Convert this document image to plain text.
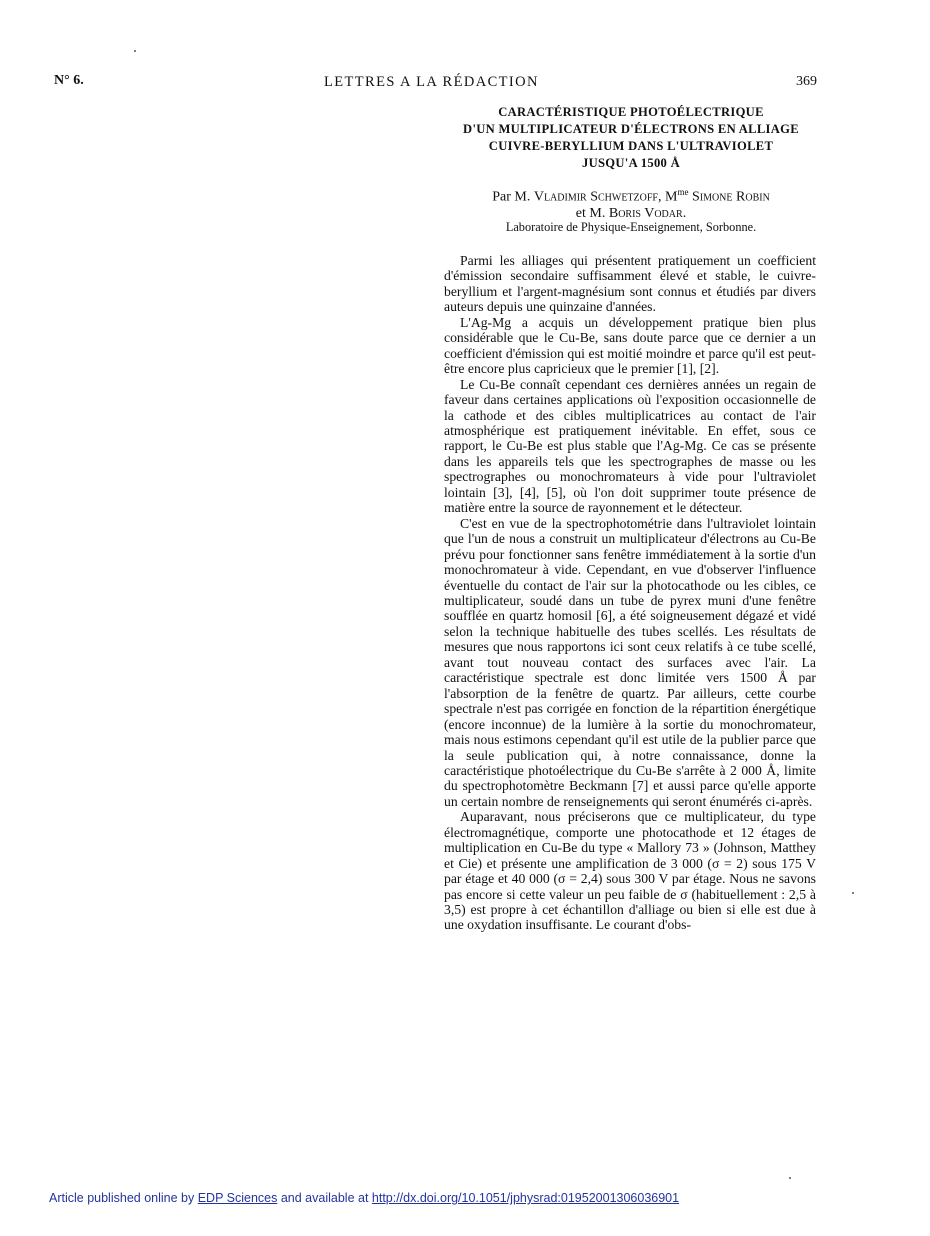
N° 6.	LETTRES A LA RÉDACTION	369
CARACTÉRISTIQUE PHOTOÉLECTRIQUE
D'UN MULTIPLICATEUR D'ÉLECTRONS EN ALLIAGE
CUIVRE-BERYLLIUM DANS L'ULTRAVIOLET
JUSQU'A 1500 Å
Par M. Vladimir Schwetzoff, $M^{me}$ Simone Robin
et M. Boris Vodar.
Laboratoire de Physique-Enseignement, Sorbonne.

Parmi les alliages qui présentent pratiquement un coefficient d'émission secondaire suffisamment élevé et stable, le cuivre-beryllium et l'argent-magnésium sont connus et étudiés par divers auteurs depuis une quinzaine d'années.

L'Ag-Mg a acquis un développement pratique bien plus considérable que le Cu-Be, sans doute parce que ce dernier a un coefficient d'émission qui est moitié moindre et parce qu'il est peut-être encore plus capricieux que le premier [1], [2].

Le Cu-Be connaît cependant ces dernières années un regain de faveur dans certaines applications où l'exposition occasionnelle de la cathode et des cibles multiplicatrices au contact de l'air atmosphérique est pratiquement inévitable. En effet, sous ce rapport, le Cu-Be est plus stable que l'Ag-Mg. Ce cas se présente dans les appareils tels que les spectrographes de masse ou les spectrographes ou monochromateurs à vide pour l'ultraviolet lointain [3], [4], [5], où l'on doit supprimer toute présence de matière entre la source de rayonnement et le détecteur.

C'est en vue de la spectrophotométrie dans l'ultraviolet lointain que l'un de nous a construit un multiplicateur d'électrons au Cu-Be prévu pour fonctionner sans fenêtre immédiatement à la sortie d'un monochromateur à vide. Cependant, en vue d'observer l'influence éventuelle du contact de l'air sur la photocathode ou les cibles, ce multiplicateur, soudé dans un tube de pyrex muni d'une fenêtre soufflée en quartz homosil [6], a été soigneusement dégazé et vidé selon la technique habituelle des tubes scellés. Les résultats de mesures que nous rapportons ici sont ceux relatifs à ce tube scellé, avant tout nouveau contact des surfaces avec l'air. La caractéristique spectrale est donc limitée vers 1500 Å par l'absorption de la fenêtre de quartz. Par ailleurs, cette courbe spectrale n'est pas corrigée en fonction de la répartition énergétique (encore inconnue) de la lumière à la sortie du monochromateur, mais nous estimons cependant qu'il est utile de la publier parce que la seule publication qui, à notre connaissance, donne la caractéristique photoélectrique du Cu-Be s'arrête à 2 000 Å, limite du spectrophotomètre Beckmann [7] et aussi parce qu'elle apporte un certain nombre de renseignements qui seront énumérés ci-après.

Auparavant, nous préciserons que ce multiplicateur, du type électromagnétique, comporte une photocathode et 12 étages de multiplication en Cu-Be du type « Mallory 73 » (Johnson, Matthey et Cie) et présente une amplification de 3 000 (σ = 2) sous 175 V par étage et 40 000 (σ = 2,4) sous 300 V par étage. Nous ne savons pas encore si cette valeur un peu faible de σ (habituellement : 2,5 à 3,5) est propre à cet échantillon d'alliage ou bien si elle est due à une oxydation insuffisante. Le courant d'obs-

Article published online by EDP Sciences and available at http://dx.doi.org/10.1051/jphysrad:01952001306036901
